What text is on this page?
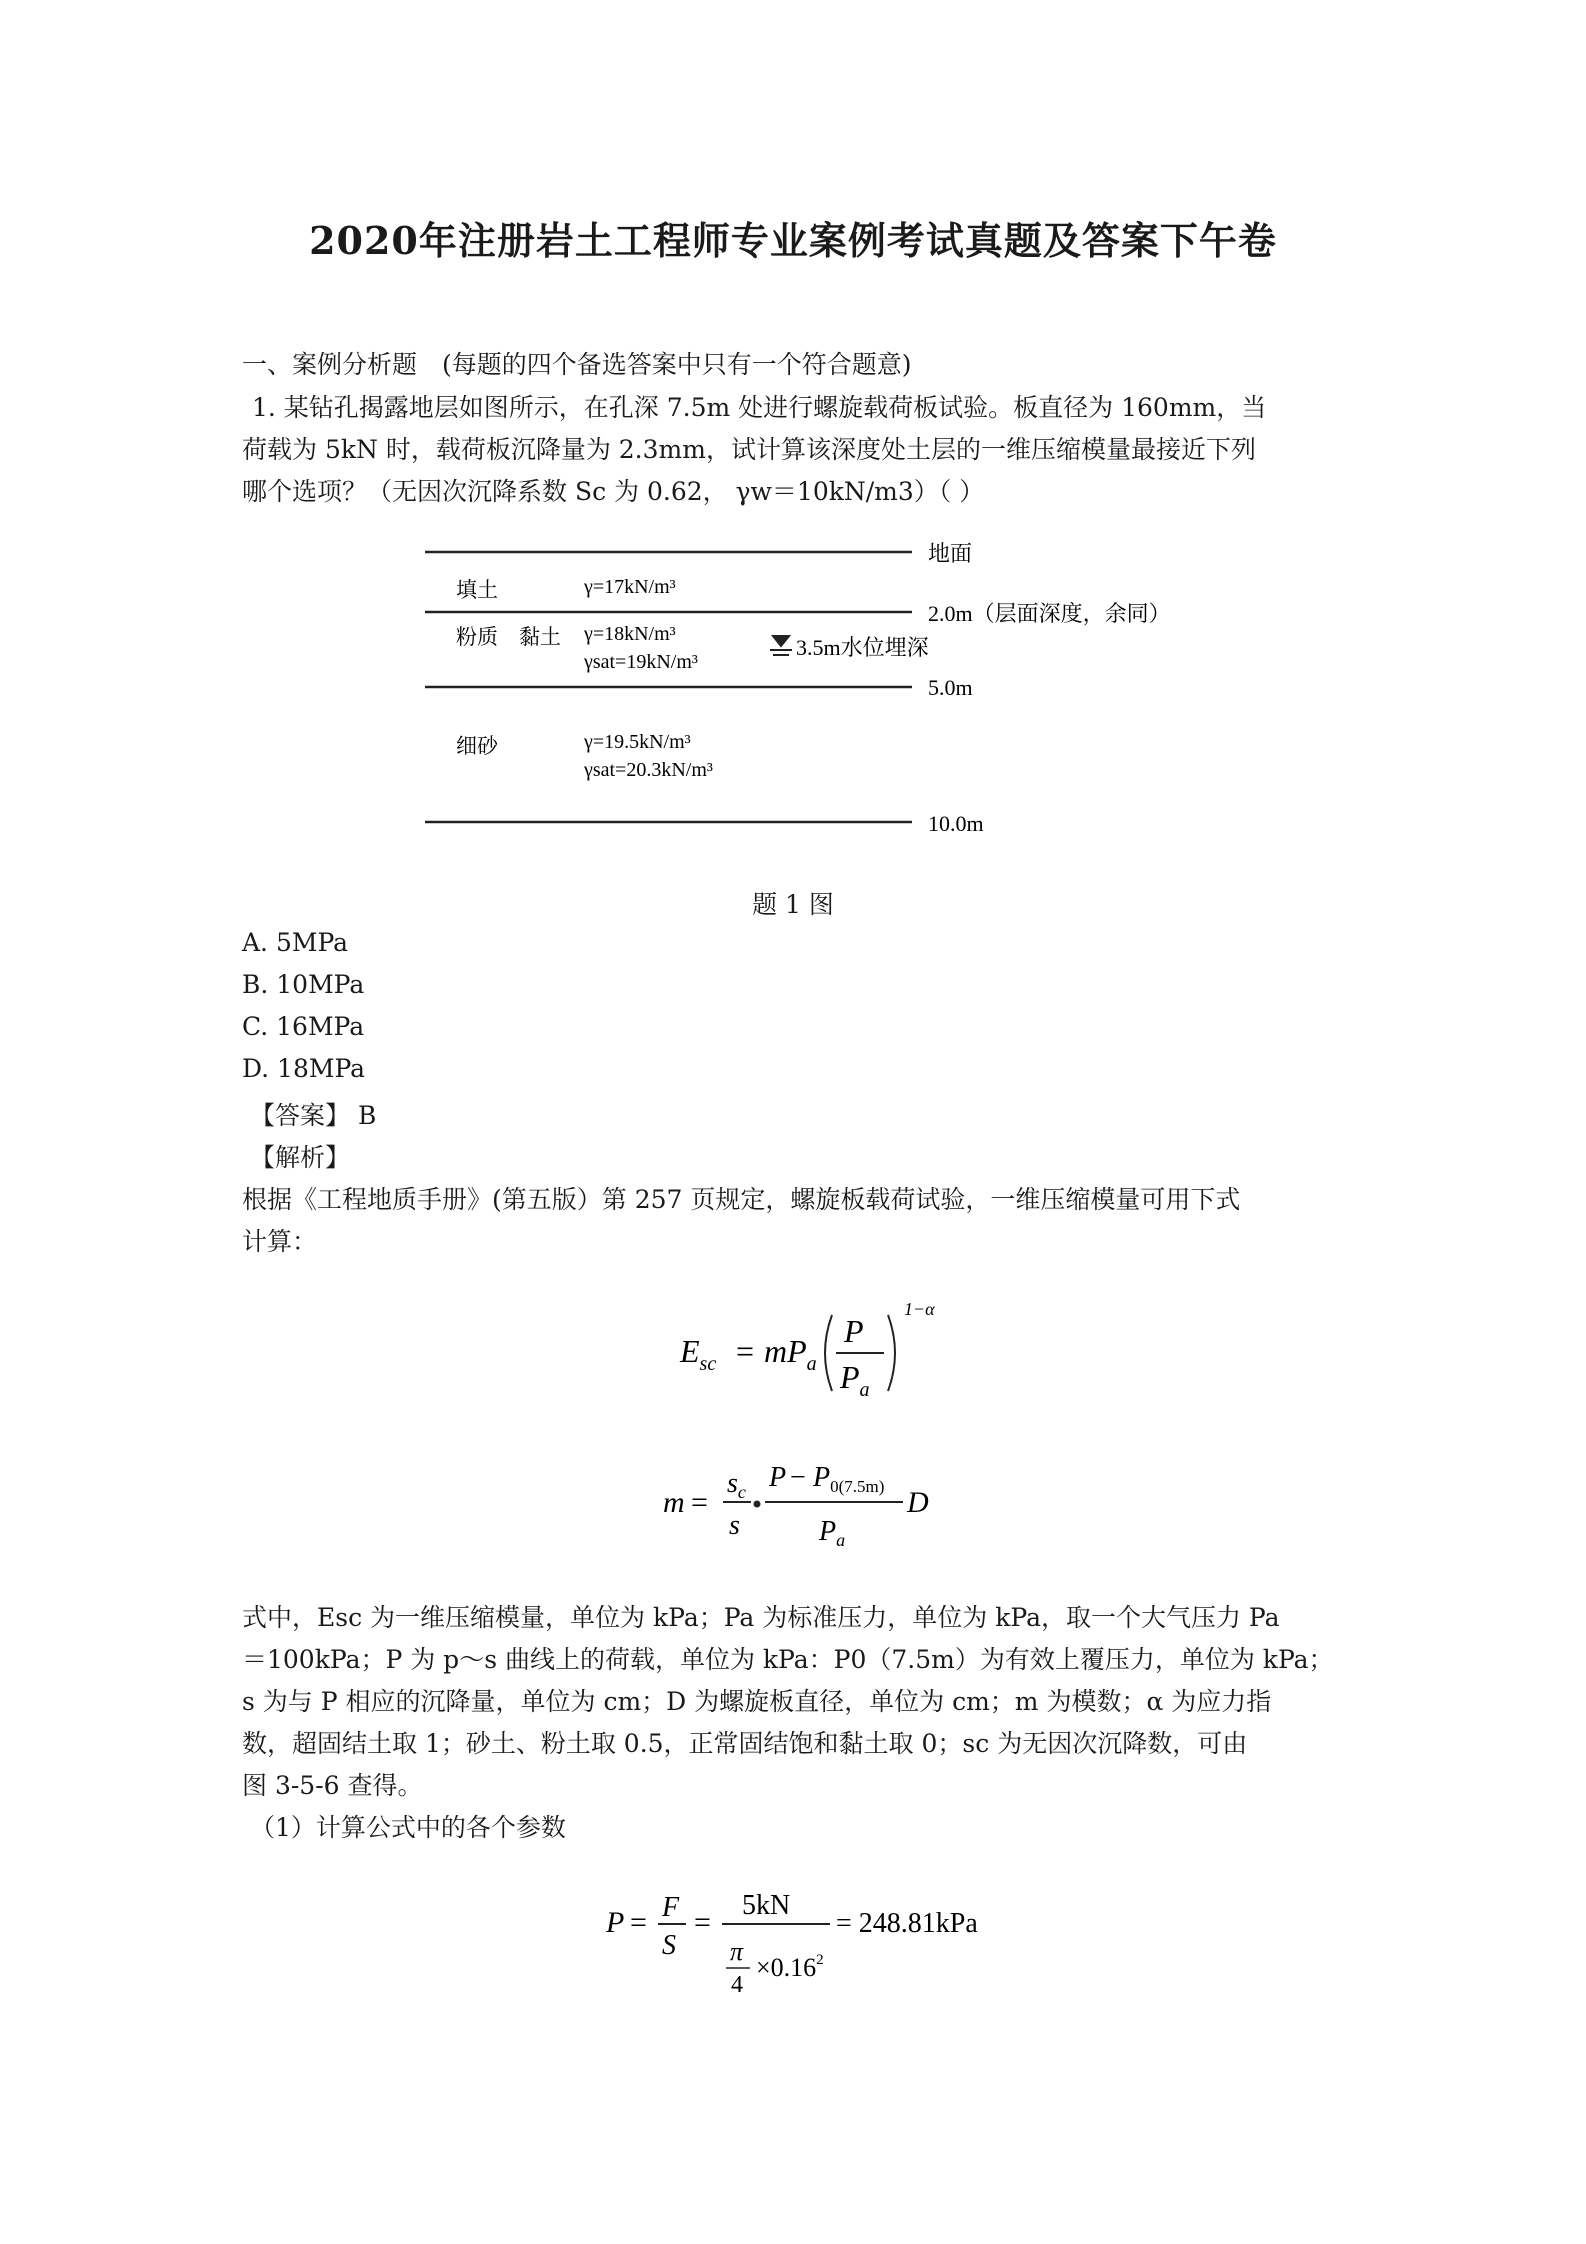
2020年注册岩土工程师专业案例考试真题及答案下午卷
一、案例分析题　(每题的四个备选答案中只有一个符合题意)
1. 某钻孔揭露地层如图所示，在孔深 7.5m 处进行螺旋载荷板试验。板直径为 160mm，当
荷载为 5kN 时，载荷板沉降量为 2.3mm，试计算该深度处土层的一维压缩模量最接近下列
哪个选项？（无因次沉降系数 Sc 为 0.62， γw＝10kN/m3）（ ）
地面
2.0m（层面深度，余同）
5.0m
10.0m
填土	γ=17kN/m³
粉质　黏土 γ=18kN/m³
γsat=19kN/m³
3.5m水位埋深
细砂	γ=19.5kN/m³
γsat=20.3kN/m³
题 1 图
A. 5MPa
B. 10MPa
C. 16MPa
D. 18MPa
【答案】 B
【解析】
根据《工程地质手册》(第五版）第 257 页规定，螺旋板载荷试验，一维压缩模量可用下式
计算：
$E_{sc} = mP_a$
P
$P_a$
1−α
m =
$s_c$
s
$P - P_{0(7.5m)}$
$P_a$
D
式中，Esc 为一维压缩模量，单位为 kPa；Pa 为标准压力，单位为 kPa，取一个大气压力 Pa
＝100kPa；P 为 p～s 曲线上的荷载，单位为 kPa：P0（7.5m）为有效上覆压力，单位为 kPa；
s 为与 P 相应的沉降量，单位为 cm；D 为螺旋板直径，单位为 cm；m 为模数；α 为应力指
数，超固结土取 1；砂土、粉土取 0.5，正常固结饱和黏土取 0；sc 为无因次沉降数，可由
图 3-5-6 查得。
（1）计算公式中的各个参数
P = F
S
=
5kN
π
4
$\times 0.16^2$
= 248.81kPa
